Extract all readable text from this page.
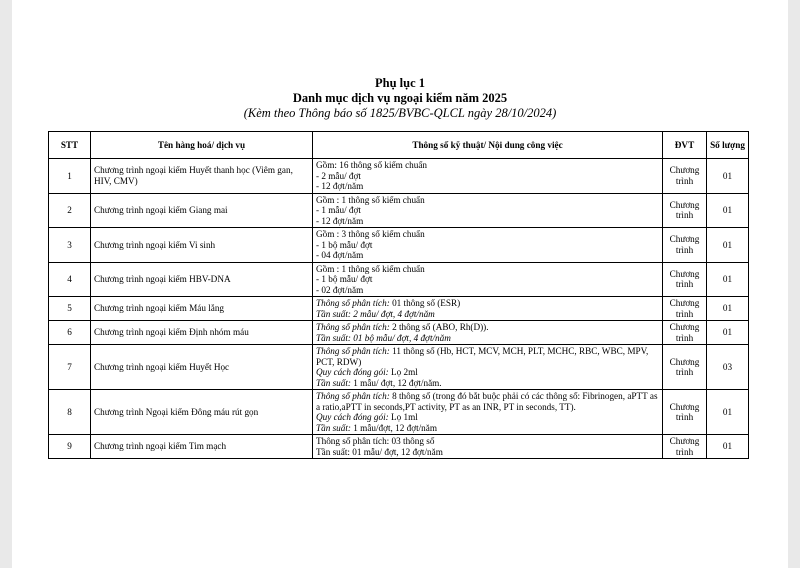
Phụ lục 1
Danh mục dịch vụ ngoại kiểm năm 2025
(Kèm theo Thông báo số 1825/BVBC-QLCL ngày 28/10/2024)
STT	Tên hàng hoá/ dịch vụ	Thông số kỹ thuật/ Nội dung công việc	ĐVT	Số lượng
1	Chương trình ngoại kiểm Huyết thanh học (Viêm gan, HIV, CMV)	Gồm: 16 thông số kiểm chuẩn
- 2 mẫu/ đợt
- 12 đợt/năm	Chương trình	01
2	Chương trình ngoại kiểm Giang mai	Gồm : 1 thông số kiểm chuẩn
- 1 mẫu/ đợt
- 12 đợt/năm	Chương trình	01
3	Chương trình ngoại kiểm Vi sinh	Gồm : 3 thông số kiểm chuẩn
- 1 bộ mẫu/ đợt
- 04 đợt/năm	Chương trình	01
4	Chương trình ngoại kiểm HBV-DNA	Gồm : 1 thông số kiểm chuẩn
- 1 bộ mẫu/ đợt
- 02 đợt/năm	Chương trình	01
5	Chương trình ngoại kiểm Máu lắng	Thông số phân tích: 01 thông số (ESR)
Tần suất: 2 mẫu/ đợt, 4 đợt/năm	Chương trình	01
6	Chương trình ngoại kiểm Định nhóm máu	Thông số phân tích: 2 thông số (ABO, Rh(D)).
Tần suất: 01 bộ mẫu/ đợt, 4 đợt/năm	Chương trình	01
7	Chương trình ngoại kiểm Huyết Học	Thông số phân tích: 11 thông số (Hb, HCT, MCV, MCH, PLT, MCHC, RBC, WBC, MPV, PCT, RDW)
Quy cách đóng gói: Lọ 2ml
Tần suất: 1 mẫu/ đợt, 12 đợt/năm.	Chương trình	03
8	Chương trình Ngoại kiểm Đông máu rút gọn	Thông số phân tích: 8 thông số (trong đó bắt buộc phải có các thông số: Fibrinogen, aPTT as a ratio,aPTT in seconds,PT activity, PT as an INR, PT in seconds, TT).
Quy cách đóng gói: Lọ 1ml
Tần suất: 1 mẫu/đợt, 12 đợt/năm	Chương trình	01
9	Chương trình ngoại kiểm Tim mạch	Thông số phân tích: 03 thông số
Tần suất: 01 mẫu/ đợt, 12 đợt/năm	Chương trình	01
